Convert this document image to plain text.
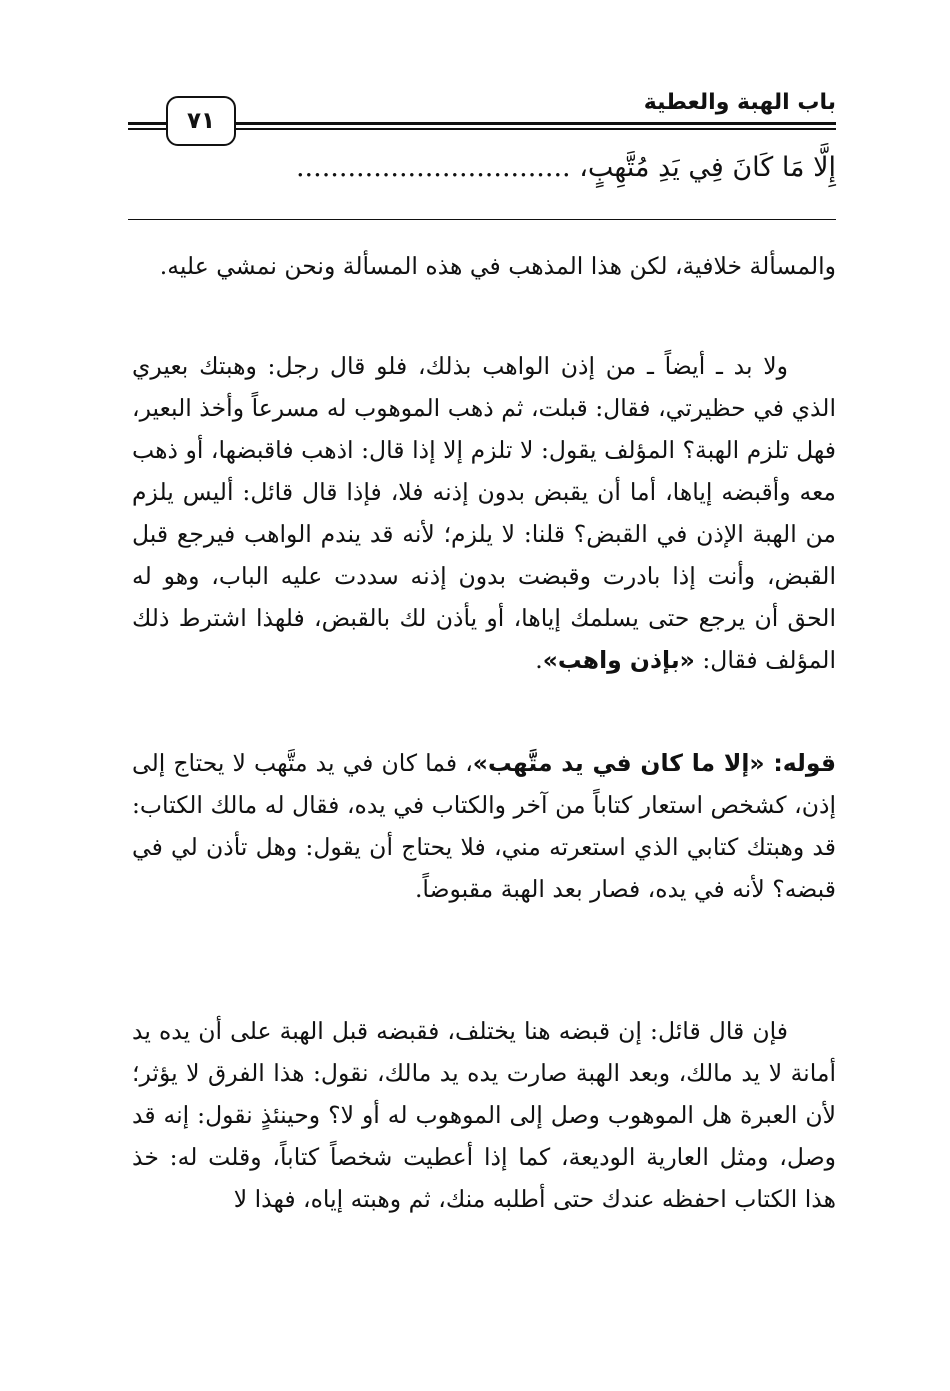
باب الهبة والعطية
٧١
إِلَّا مَا كَانَ فِي يَدِ مُتَّهِبٍ، ................................

والمسألة خلافية، لكن هذا المذهب في هذه المسألة ونحن نمشي عليه.

ولا بد ـ أيضاً ـ من إذن الواهب بذلك، فلو قال رجل: وهبتك بعيري الذي في حظيرتي، فقال: قبلت، ثم ذهب الموهوب له مسرعاً وأخذ البعير، فهل تلزم الهبة؟ المؤلف يقول: لا تلزم إلا إذا قال: اذهب فاقبضها، أو ذهب معه وأقبضه إياها، أما أن يقبض بدون إذنه فلا، فإذا قال قائل: أليس يلزم من الهبة الإذن في القبض؟ قلنا: لا يلزم؛ لأنه قد يندم الواهب فيرجع قبل القبض، وأنت إذا بادرت وقبضت بدون إذنه سددت عليه الباب، وهو له الحق أن يرجع حتى يسلمك إياها، أو يأذن لك بالقبض، فلهذا اشترط ذلك المؤلف فقال: «بإذن واهب».

قوله: «إلا ما كان في يد متَّهب»، فما كان في يد متَّهب لا يحتاج إلى إذن، كشخص استعار كتاباً من آخر والكتاب في يده، فقال له مالك الكتاب: قد وهبتك كتابي الذي استعرته مني، فلا يحتاج أن يقول: وهل تأذن لي في قبضه؟ لأنه في يده، فصار بعد الهبة مقبوضاً.

فإن قال قائل: إن قبضه هنا يختلف، فقبضه قبل الهبة على أن يده يد أمانة لا يد مالك، وبعد الهبة صارت يده يد مالك، نقول: هذا الفرق لا يؤثر؛ لأن العبرة هل الموهوب وصل إلى الموهوب له أو لا؟ وحينئذٍ نقول: إنه قد وصل، ومثل العارية الوديعة، كما إذا أعطيت شخصاً كتاباً، وقلت له: خذ هذا الكتاب احفظه عندك حتى أطلبه منك، ثم وهبته إياه، فهذا لا
